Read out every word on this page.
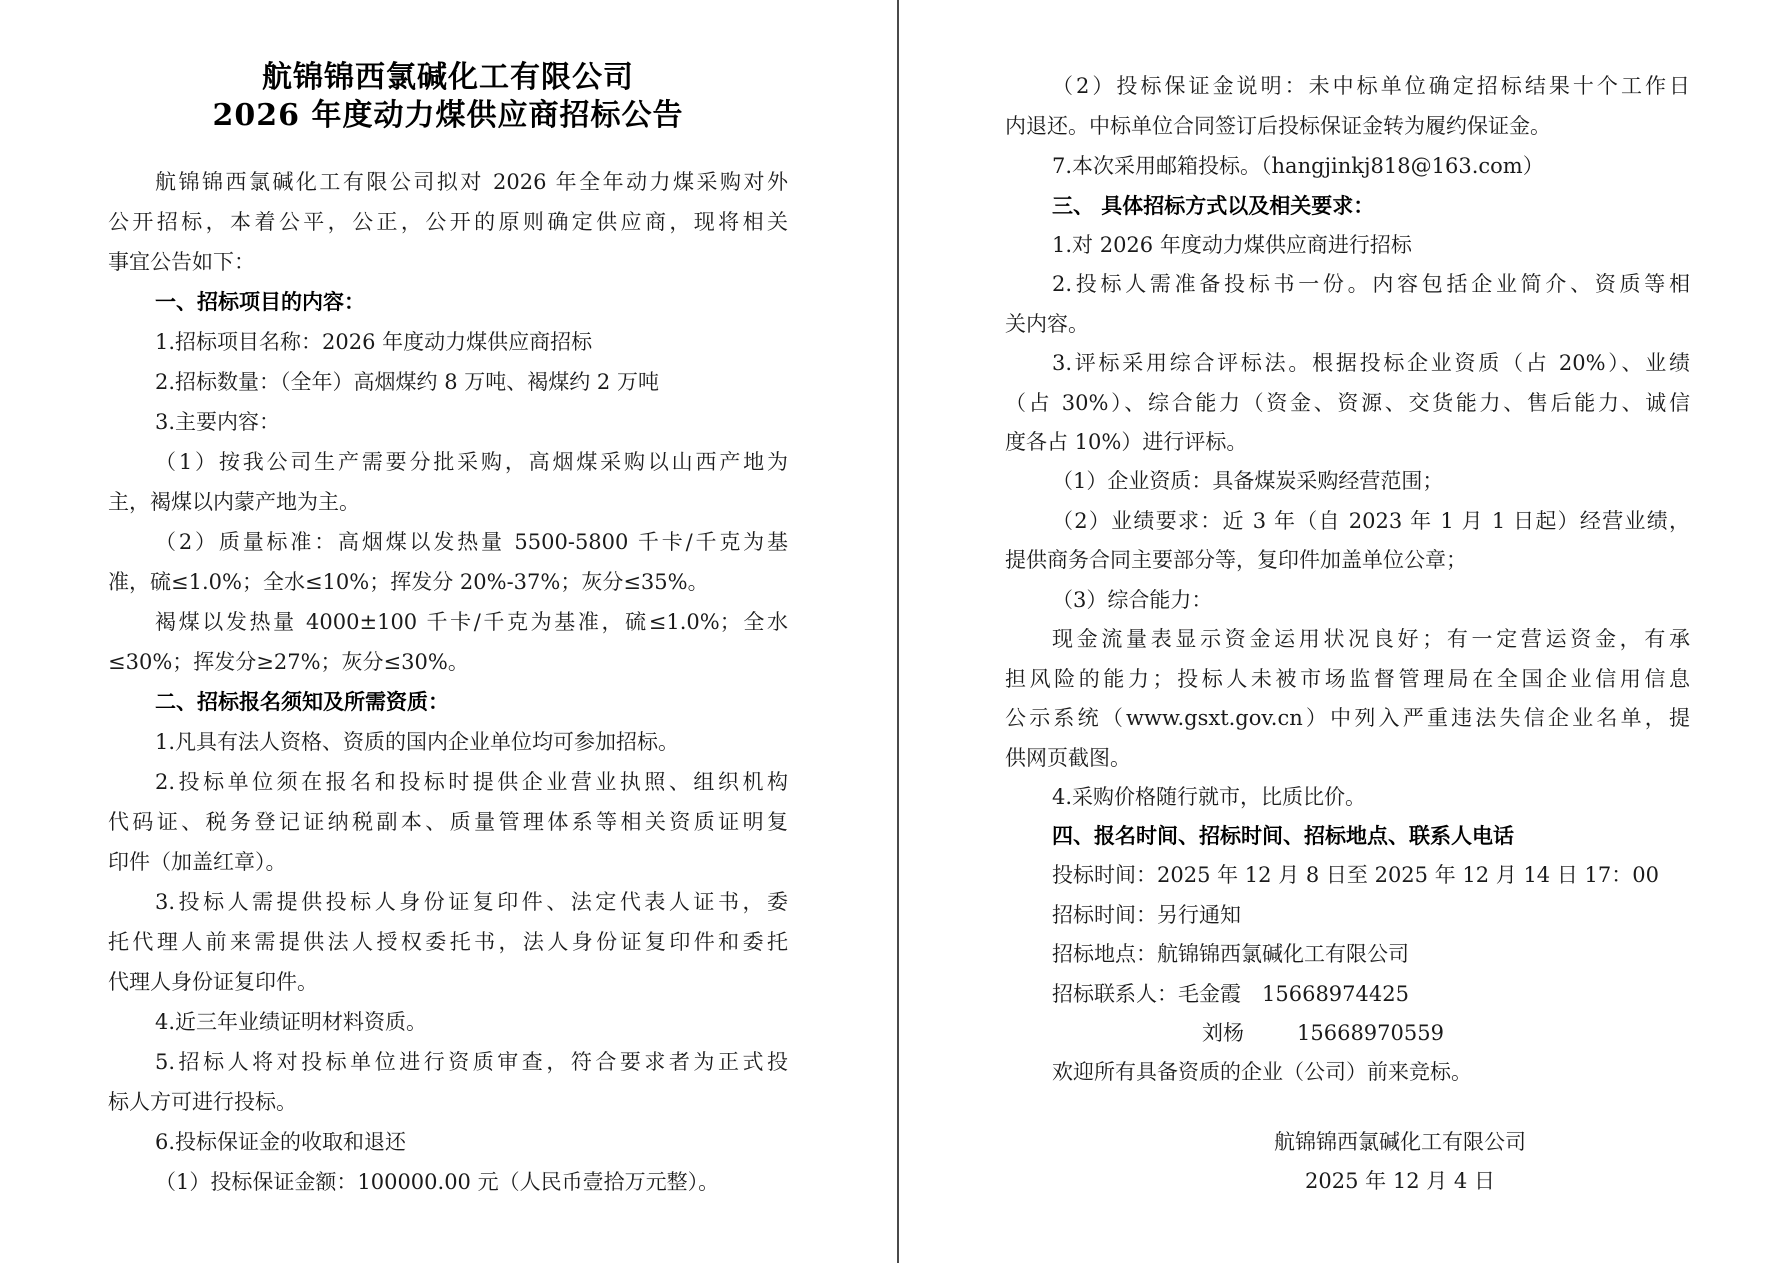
航锦锦西氯碱化工有限公司
2026 年度动力煤供应商招标公告
航锦锦西氯碱化工有限公司拟对 2026 年全年动力煤采购对外
公开招标，本着公平，公正，公开的原则确定供应商，现将相关
事宜公告如下：
一、招标项目的内容：
1.招标项目名称：2026 年度动力煤供应商招标
2.招标数量：（全年）高烟煤约 8 万吨、褐煤约 2 万吨
3.主要内容：
（1）按我公司生产需要分批采购，高烟煤采购以山西产地为
主，褐煤以内蒙产地为主。
（2）质量标准：高烟煤以发热量 5500-5800 千卡/千克为基
准，硫≤1.0%；全水≤10%；挥发分 20%-37%；灰分≤35%。
褐煤以发热量 4000±100 千卡/千克为基准，硫≤1.0%；全水
≤30%；挥发分≥27%；灰分≤30%。
二、招标报名须知及所需资质：
1.凡具有法人资格、资质的国内企业单位均可参加招标。
2.投标单位须在报名和投标时提供企业营业执照、组织机构
代码证、税务登记证纳税副本、质量管理体系等相关资质证明复
印件（加盖红章）。
3.投标人需提供投标人身份证复印件、法定代表人证书，委
托代理人前来需提供法人授权委托书，法人身份证复印件和委托
代理人身份证复印件。
4.近三年业绩证明材料资质。
5.招标人将对投标单位进行资质审查，符合要求者为正式投
标人方可进行投标。
6.投标保证金的收取和退还
（1）投标保证金额：100000.00 元（人民币壹拾万元整）。
（2）投标保证金说明：未中标单位确定招标结果十个工作日
内退还。中标单位合同签订后投标保证金转为履约保证金。
7.本次采用邮箱投标。（hangjinkj818@163.com）
三、 具体招标方式以及相关要求：
1.对 2026 年度动力煤供应商进行招标
2.投标人需准备投标书一份。内容包括企业简介、资质等相
关内容。
3.评标采用综合评标法。根据投标企业资质（占 20%）、业绩
（占 30%）、综合能力（资金、资源、交货能力、售后能力、诚信
度各占 10%）进行评标。
（1）企业资质：具备煤炭采购经营范围；
（2）业绩要求：近 3 年（自 2023 年 1 月 1 日起）经营业绩，
提供商务合同主要部分等，复印件加盖单位公章；
（3）综合能力：
现金流量表显示资金运用状况良好；有一定营运资金，有承
担风险的能力；投标人未被市场监督管理局在全国企业信用信息
公示系统（www.gsxt.gov.cn）中列入严重违法失信企业名单，提
供网页截图。
4.采购价格随行就市，比质比价。
四、报名时间、招标时间、招标地点、联系人电话
投标时间：2025 年 12 月 8 日至 2025 年 12 月 14 日 17：00
招标时间：另行通知
招标地点：航锦锦西氯碱化工有限公司
招标联系人：毛金霞　15668974425
刘杨	15668970559
欢迎所有具备资质的企业（公司）前来竞标。
航锦锦西氯碱化工有限公司
2025 年 12 月 4 日
